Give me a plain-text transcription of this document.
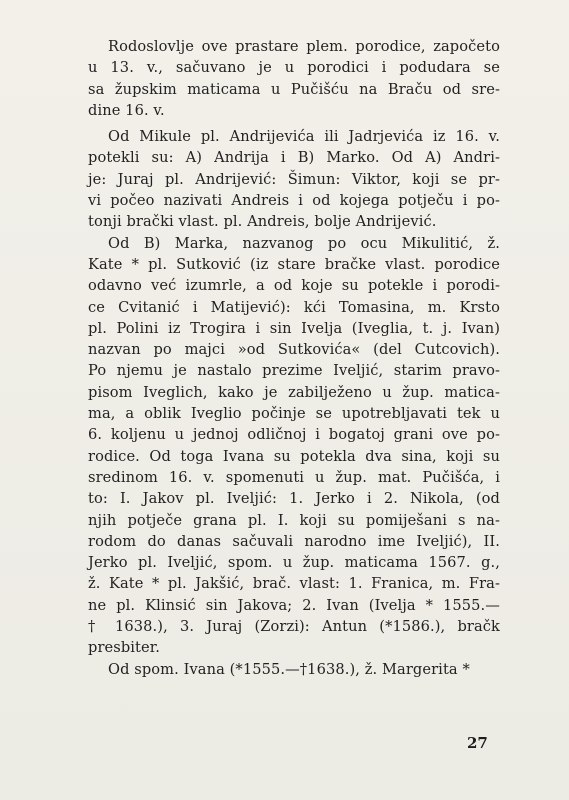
Rodoslovlje ove prastare plem. porodice, započeto
u 13. v., sačuvano je u porodici i podudara se
sa župskim maticama u Pučišću na Braču od sre-
dine 16. v.
Od Mikule pl. Andrijevića ili Jadrjevića iz 16. v.
potekli su: A) Andrija i B) Marko. Od A) Andri-
je: Juraj pl. Andrijević: Šimun: Viktor, koji se pr-
vi počeo nazivati Andreis i od kojega potječu i po-
tonji brački vlast. pl. Andreis, bolje Andrijević.
Od B) Marka, nazvanog po ocu Mikulitić, ž.
Kate * pl. Sutković (iz stare bračke vlast. porodice
odavno već izumrle, a od koje su potekle i porodi-
ce Cvitanić i Matijević): kći Tomasina, m. Krsto
pl. Polini iz Trogira i sin Ivelja (Iveglia, t. j. Ivan)
nazvan po majci »od Sutkovića« (del Cutcovich).
Po njemu je nastalo prezime Iveljić, starim pravo-
pisom Iveglich, kako je zabilježeno u žup. matica-
ma, a oblik Iveglio počinje se upotrebljavati tek u
6. koljenu u jednoj odličnoj i bogatoj grani ove po-
rodice. Od toga Ivana su potekla dva sina, koji su
sredinom 16. v. spomenuti u žup. mat. Pučišća, i
to: I. Jakov pl. Iveljić: 1. Jerko i 2. Nikola, (od
njih potječe grana pl. I. koji su pomiješani s na-
rodom do danas sačuvali narodno ime Iveljić), II.
Jerko pl. Iveljić, spom. u žup. maticama 1567. g.,
ž. Kate * pl. Jakšić, brač. vlast: 1. Franica, m. Fra-
ne pl. Klinsić sin Jakova; 2. Ivan (Ivelja * 1555.—
† 1638.), 3. Juraj (Zorzi): Antun (*1586.), bračk
presbiter.
Od spom. Ivana (*1555.—†1638.), ž. Margerita *
27
